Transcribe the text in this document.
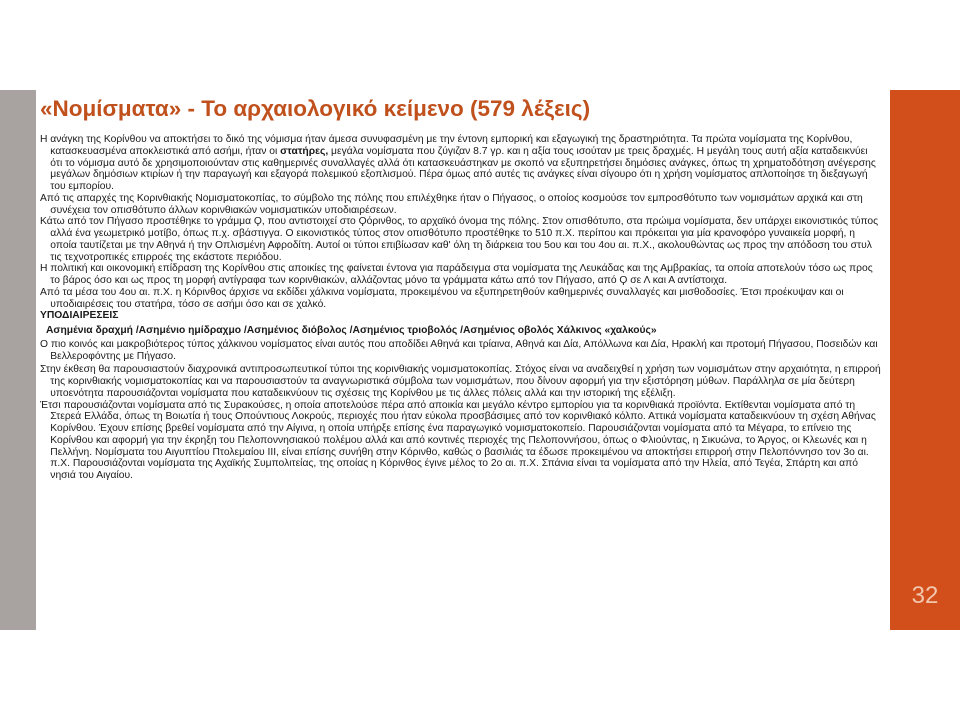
32
«Νομίσματα» - Το αρχαιολογικό κείμενο (579 λέξεις)

Η ανάγκη της Κορίνθου να αποκτήσει το δικό της νόμισμα ήταν άμεσα συνυφασμένη με την έντονη εμπορική και εξαγωγική της δραστηριότητα. Τα πρώτα νομίσματα της Κορίνθου, κατασκευασμένα αποκλειστικά από ασήμι, ήταν οι στατήρες, μεγάλα νομίσματα που ζύγιζαν 8.7 γρ. και η αξία τους ισούταν με τρεις δραχμές. Η μεγάλη τους αυτή αξία καταδεικνύει ότι το νόμισμα αυτό δε χρησιμοποιούνταν στις καθημερινές συναλλαγές αλλά ότι κατασκευάστηκαν με σκοπό να εξυπηρετήσει δημόσιες ανάγκες, όπως τη χρηματοδότηση ανέγερσης μεγάλων δημόσιων κτιρίων ή την παραγωγή και εξαγορά πολεμικού εξοπλισμού. Πέρα όμως από αυτές τις ανάγκες είναι σίγουρο ότι η χρήση νομίσματος απλοποίησε τη διεξαγωγή του εμπορίου.

Από τις απαρχές της Κορινθιακής Νομισματοκοπίας, το σύμβολο της πόλης που επιλέχθηκε ήταν ο Πήγασος, ο οποίος κοσμούσε τον εμπροσθότυπο των νομισμάτων αρχικά και στη συνέχεια τον οπισθότυπο άλλων κορινθιακών νομισματικών υποδιαιρέσεων.

Κάτω από τον Πήγασο προστέθηκε το γράμμα Ϙ, που αντιστοιχεί στο Ϙόρινθος, το αρχαϊκό όνομα της πόλης. Στον οπισθότυπο, στα πρώιμα νομίσματα, δεν υπάρχει εικονιστικός τύπος αλλά ένα γεωμετρικό μοτίβο, όπως π.χ. σβάστιγγα. Ο εικονιστικός τύπος στον οπισθότυπο προστέθηκε το 510 π.Χ. περίπου και πρόκειται για μία κρανοφόρο γυναικεία μορφή, η οποία ταυτίζεται με την Αθηνά ή την Οπλισμένη Αφροδίτη. Αυτοί οι τύποι επιβίωσαν καθ' όλη τη διάρκεια του 5ου και του 4ου αι. π.Χ., ακολουθώντας ως προς την απόδοση του στυλ τις τεχνοτροπικές επιρροές της εκάστοτε περιόδου.

Η πολιτική και οικονομική επίδραση της Κορίνθου στις αποικίες της φαίνεται έντονα για παράδειγμα στα νομίσματα της Λευκάδας και της Αμβρακίας, τα οποία αποτελούν τόσο ως προς το βάρος όσο και ως προς τη μορφή αντίγραφα των κορινθιακών, αλλάζοντας μόνο τα γράμματα κάτω από τον Πήγασο, από Ϙ σε Λ και Α αντίστοιχα.

Από τα μέσα του 4ου αι. π.Χ. η Κόρινθος άρχισε να εκδίδει χάλκινα νομίσματα, προκειμένου να εξυπηρετηθούν καθημερινές συναλλαγές και μισθοδοσίες. Έτσι προέκυψαν και οι υποδιαιρέσεις του στατήρα, τόσο σε ασήμι όσο και σε χαλκό.

ΥΠΟΔΙΑΙΡΕΣΕΙΣ

Ασημένια δραχμή /Ασημένιο ημίδραχμο /Ασημένιος διόβολος /Ασημένιος τριοβολός /Ασημένιος οβολός Χάλκινος «χαλκούς»

Ο πιο κοινός και μακροβιότερος τύπος χάλκινου νομίσματος είναι αυτός που αποδίδει Αθηνά και τρίαινα, Αθηνά και Δία, Απόλλωνα και Δία, Ηρακλή και προτομή Πήγασου, Ποσειδών και Βελλεροφόντης με Πήγασο.

Στην έκθεση θα παρουσιαστούν διαχρονικά αντιπροσωπευτικοί τύποι της κορινθιακής νομισματοκοπίας. Στόχος είναι να αναδειχθεί η χρήση των νομισμάτων στην αρχαιότητα, η επιρροή της κορινθιακής νομισματοκοπίας και να παρουσιαστούν τα αναγνωριστικά σύμβολα των νομισμάτων, που δίνουν αφορμή για την εξιστόρηση μύθων. Παράλληλα σε μία δεύτερη υποενότητα παρουσιάζονται νομίσματα που καταδεικνύουν τις σχέσεις της Κορίνθου με τις άλλες πόλεις αλλά και την ιστορική της εξέλιξη.

Έτσι παρουσιάζονται νομίσματα από τις Συρακούσες, η οποία αποτελούσε πέρα από αποικία και μεγάλο κέντρο εμπορίου για τα κορινθιακά προϊόντα. Εκτίθενται νομίσματα από τη Στερεά Ελλάδα, όπως τη Βοιωτία ή τους Οπούντιους Λοκρούς, περιοχές που ήταν εύκολα προσβάσιμες από τον κορινθιακό κόλπο. Αττικά νομίσματα καταδεικνύουν τη σχέση Αθήνας Κορίνθου. Έχουν επίσης βρεθεί νομίσματα από την Αίγινα, η οποία υπήρξε επίσης ένα παραγωγικό νομισματοκοπείο. Παρουσιάζονται νομίσματα από τα Μέγαρα, το επίνειο της Κορίνθου και αφορμή για την έκρηξη του Πελοποννησιακού πολέμου αλλά και από κοντινές περιοχές της Πελοποννήσου, όπως ο Φλιούντας, η Σικυώνα, το Άργος, οι Κλεωνές και η Πελλήνη. Νομίσματα του Αιγυπτίου Πτολεμαίου ΙΙΙ, είναι επίσης συνήθη στην Κόρινθο, καθώς ο βασιλιάς τα έδωσε προκειμένου να αποκτήσει επιρροή στην Πελοπόννησο τον 3ο αι. π.Χ. Παρουσιάζονται νομίσματα της Αχαϊκής Συμπολιτείας, της οποίας η Κόρινθος έγινε μέλος το 2ο αι. π.Χ. Σπάνια είναι τα νομίσματα από την Ηλεία, από Τεγέα, Σπάρτη και από νησιά του Αιγαίου.
